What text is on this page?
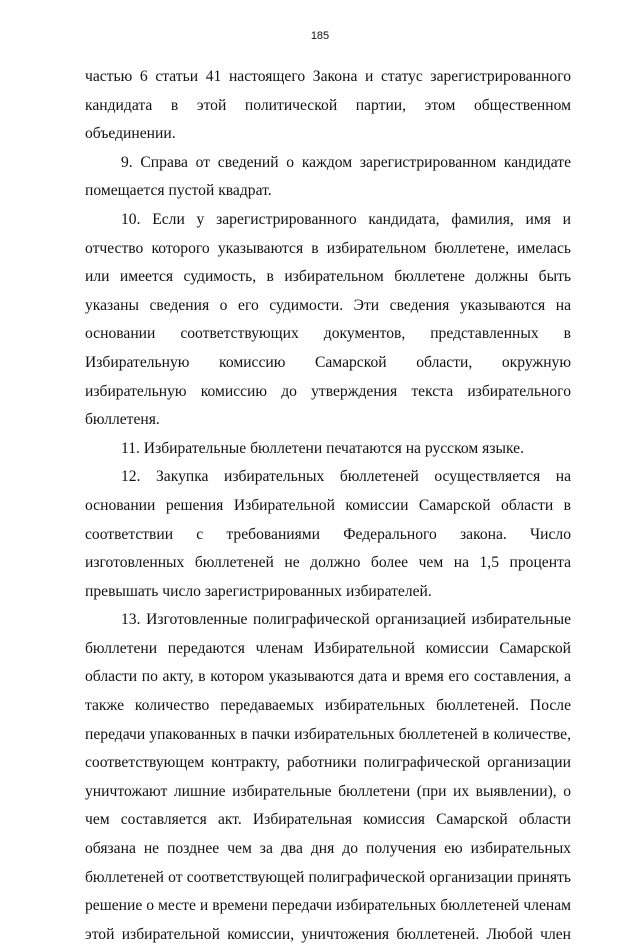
185

частью 6 статьи 41 настоящего Закона и статус зарегистрированного кандидата в этой политической партии, этом общественном объединении.

9. Справа от сведений о каждом зарегистрированном кандидате помещается пустой квадрат.

10. Если у зарегистрированного кандидата, фамилия, имя и отчество которого указываются в избирательном бюллетене, имелась или имеется судимость, в избирательном бюллетене должны быть указаны сведения о его судимости. Эти сведения указываются на основании соответствующих документов, представленных в Избирательную комиссию Самарской области, окружную избирательную комиссию до утверждения текста избирательного бюллетеня.

11. Избирательные бюллетени печатаются на русском языке.

12. Закупка избирательных бюллетеней осуществляется на основании решения Избирательной комиссии Самарской области в соответствии с требованиями Федерального закона. Число изготовленных бюллетеней не должно более чем на 1,5 процента превышать число зарегистрированных избирателей.

13. Изготовленные полиграфической организацией избирательные бюллетени передаются членам Избирательной комиссии Самарской области по акту, в котором указываются дата и время его составления, а также количество передаваемых избирательных бюллетеней. После передачи упакованных в пачки избирательных бюллетеней в количестве, соответствующем контракту, работники полиграфической организации уничтожают лишние избирательные бюллетени (при их выявлении), о чем составляется акт. Избирательная комиссия Самарской области обязана не позднее чем за два дня до получения ею избирательных бюллетеней от соответствующей полиграфической организации принять решение о месте и времени передачи избирательных бюллетеней членам этой избирательной комиссии, уничтожения бюллетеней. Любой член
